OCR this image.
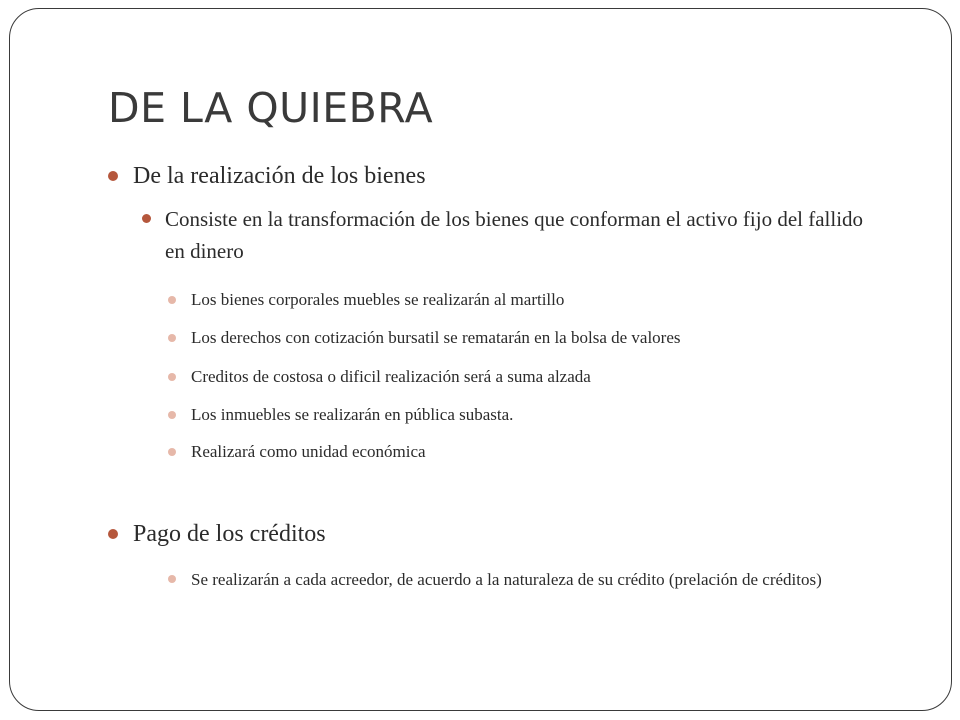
DE LA QUIEBRA

De la realización de los bienes

Consiste en la transformación de los bienes que conforman el activo fijo del fallido en dinero

Los bienes corporales muebles se realizarán al martillo

Los derechos con cotización bursatil se rematarán en la bolsa de valores

Creditos de costosa o dificil realización será a suma alzada

Los inmuebles se realizarán en pública subasta.

Realizará como unidad económica

Pago de los créditos

Se realizarán a cada acreedor, de acuerdo a la naturaleza de su crédito (prelación de créditos)
